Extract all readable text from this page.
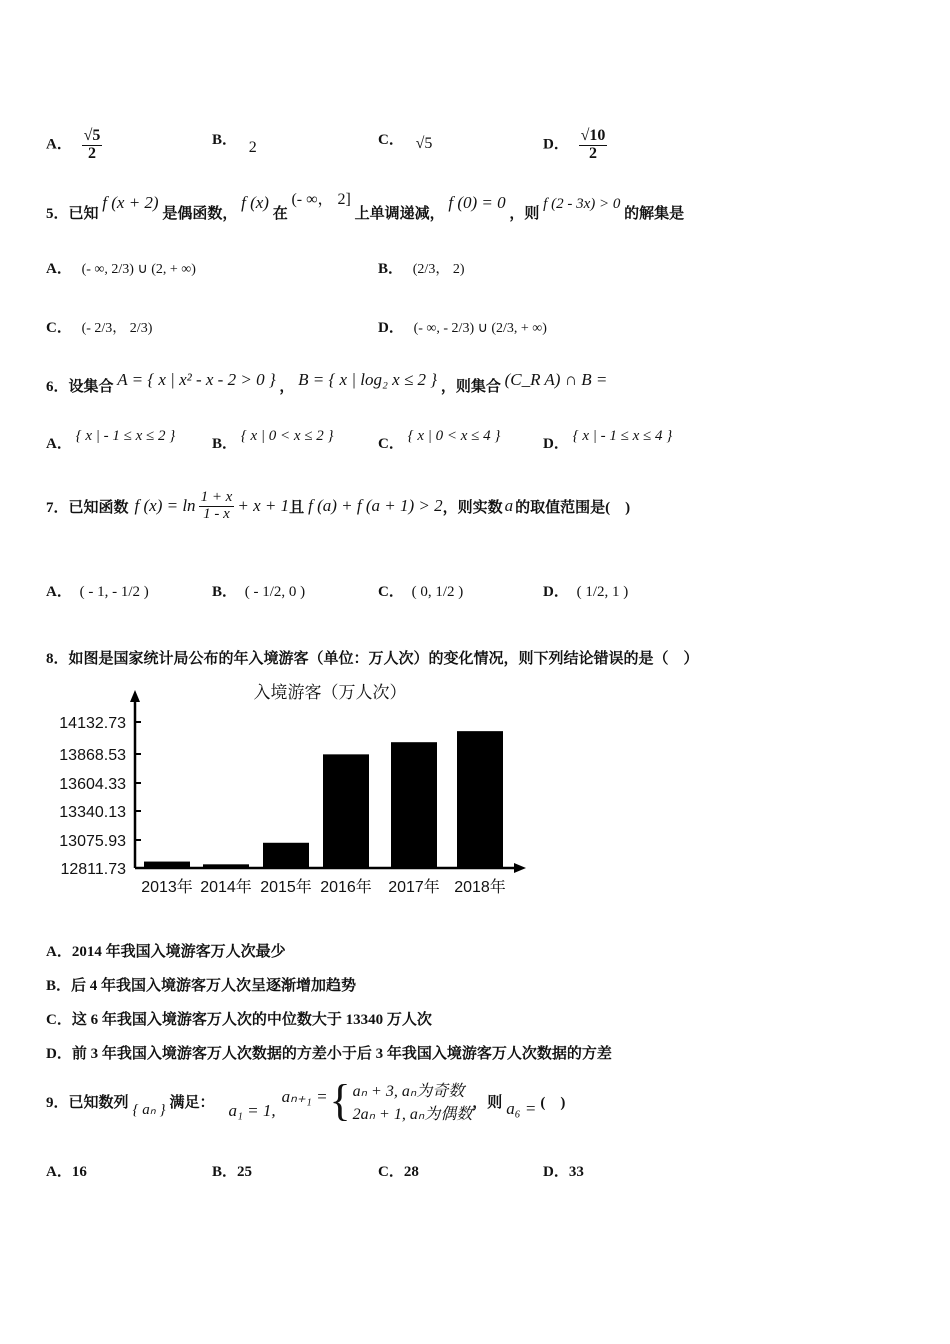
A． $\frac{√5}{2}$	B． 2	C． √5	D． $\frac{√10}{2}$
5．已知 f (x + 2) 是偶函数， f (x) 在 (- ∞， 2] 上单调递减， f (0) = 0 ，则 f (2 - 3x) > 0 的解集是
A． (- ∞, 2/3) ∪ (2, + ∞)	B． (2/3， 2)
C． (- 2/3， 2/3)	D． (- ∞, - 2/3) ∪ (2/3, + ∞)
6．设集合 A = { x | x² - x - 2 > 0 } ， B = { x | log₂ x ≤ 2 } ，则集合 (C_R A) ∩ B =
A． { x | - 1 ≤ x ≤ 2 } B． { x | 0 < x ≤ 2 }	C． { x | 0 < x ≤ 4 }	D． { x | - 1 ≤ x ≤ 4 }
7．已知函数 f $(x) = \ln \frac{1 + x}{1 - x} + x + 1$ 且 f (a) + f (a + 1) > 2 ，则实数 a 的取值范围是(　)
A． ( - 1, - 1/2 )	B． ( - 1/2, 0 )	C． ( 0, 1/2 )	D． ( 1/2, 1 )
8．如图是国家统计局公布的年入境游客（单位：万人次）的变化情况，则下列结论错误的是（　）
入境游客（万人次）
14132.73
13868.53
13604.33
13340.13
13075.93
12811.73
2013年 2014年 2015年 2016年 2017年 2018年
A．2014 年我国入境游客万人次最少
B．后 4 年我国入境游客万人次呈逐渐增加趋势
C．这 6 年我国入境游客万人次的中位数大于 13340 万人次
D．前 3 年我国入境游客万人次数据的方差小于后 3 年我国入境游客万人次数据的方差
9．已知数列 { aₙ } 满足： a₁ = 1,
aₙ₊₁ = { aₙ + 3, aₙ为奇数
2aₙ + 1, aₙ为偶数
，则 a₆ = (　)
A．16	B．25	C．28	D．33
